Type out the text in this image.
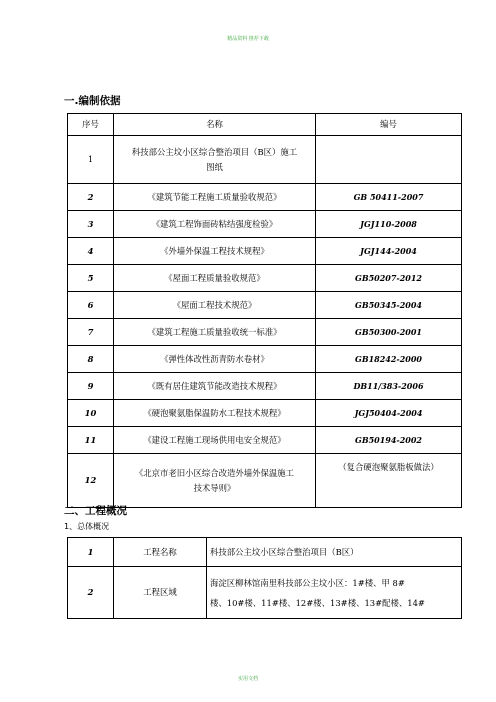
精品资料 推荐下载
一.编制依据
序号	名称	编号
1	科技部公主坟小区综合整治项目（B区）施工
图纸	

2	《建筑节能工程施工质量验收规范》	GB 50411-2007
3	《建筑工程饰面砖粘结强度检验》	JGJ110-2008
4	《外墙外保温工程技术规程》	JGJ144-2004
5	《屋面工程质量验收规范》	GB50207-2012
6	《屋面工程技术规范》	GB50345-2004
7	《建筑工程施工质量验收统一标准》	GB50300-2001
8	《弹性体改性沥青防水卷材》	GB18242-2000
9	《既有居住建筑节能改造技术规程》	DB11/383-2006
10	《硬泡聚氨脂保温防水工程技术规程》	JGJ50404-2004
11	《建设工程施工现场供用电安全规范》	GB50194-2002
12	《北京市老旧小区综合改造外墙外保温施工
技术导则》	（复合硬泡聚氨脂板做法）
二、工程概况
1、总体概况
1	工程名称	科技部公主坟小区综合整治项目（B区）
2	工程区域	海淀区柳林馆南里科技部公主坟小区：1#楼、甲 8#
楼、10#楼、11#楼、12#楼、13#楼、13#配楼、14#
实用文档
